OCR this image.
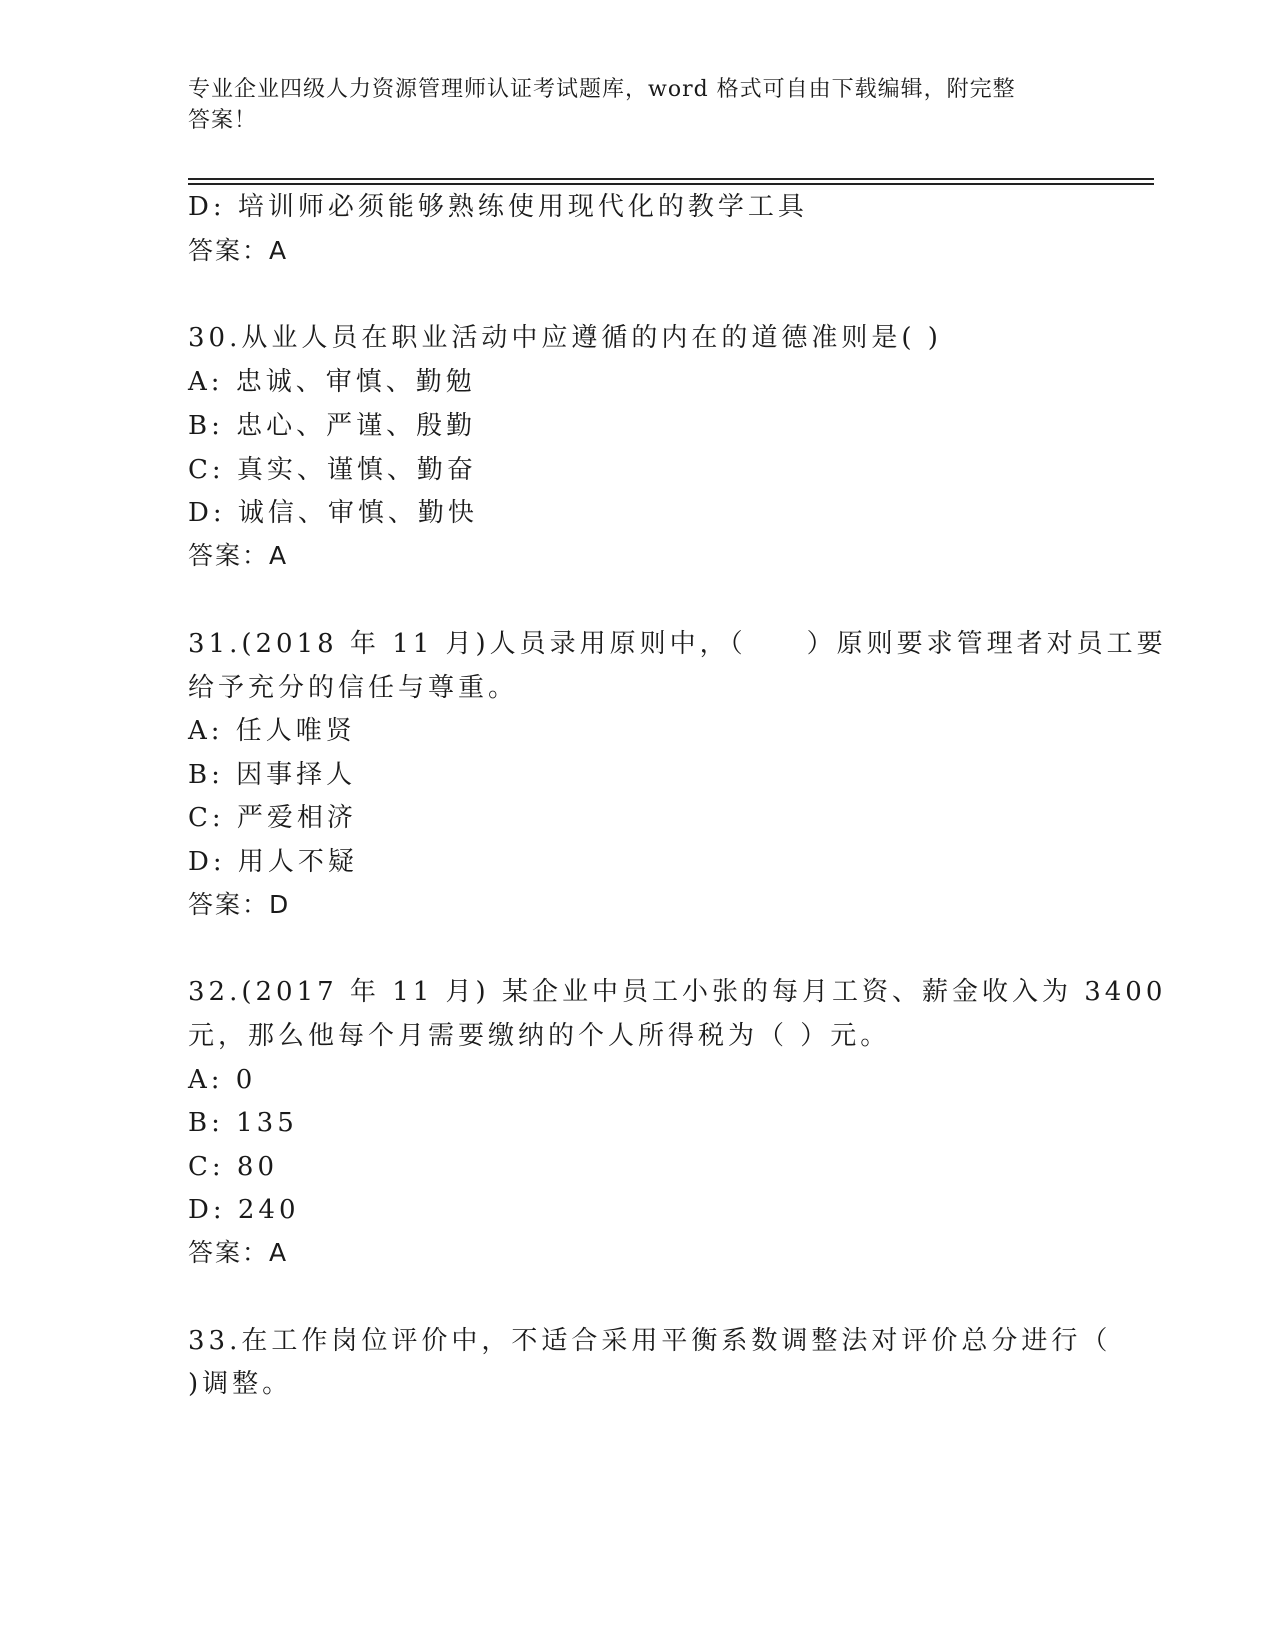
专业企业四级人力资源管理师认证考试题库，word 格式可自由下载编辑，附完整
答案！
D: 培训师必须能够熟练使用现代化的教学工具
答案：A
30.从业人员在职业活动中应遵循的内在的道德准则是( )
A: 忠诚、审慎、勤勉
B: 忠心、严谨、殷勤
C: 真实、谨慎、勤奋
D: 诚信、审慎、勤快
答案：A
31.(2018 年 11 月)人员录用原则中，（　　）原则要求管理者对员工要
给予充分的信任与尊重。
A: 任人唯贤
B: 因事择人
C: 严爱相济
D: 用人不疑
答案：D
32.(2017 年 11 月) 某企业中员工小张的每月工资、薪金收入为 3400
元，那么他每个月需要缴纳的个人所得税为（ ）元。
A: 0
B: 135
C: 80
D: 240
答案：A
33.在工作岗位评价中，不适合采用平衡系数调整法对评价总分进行（
)调整。
